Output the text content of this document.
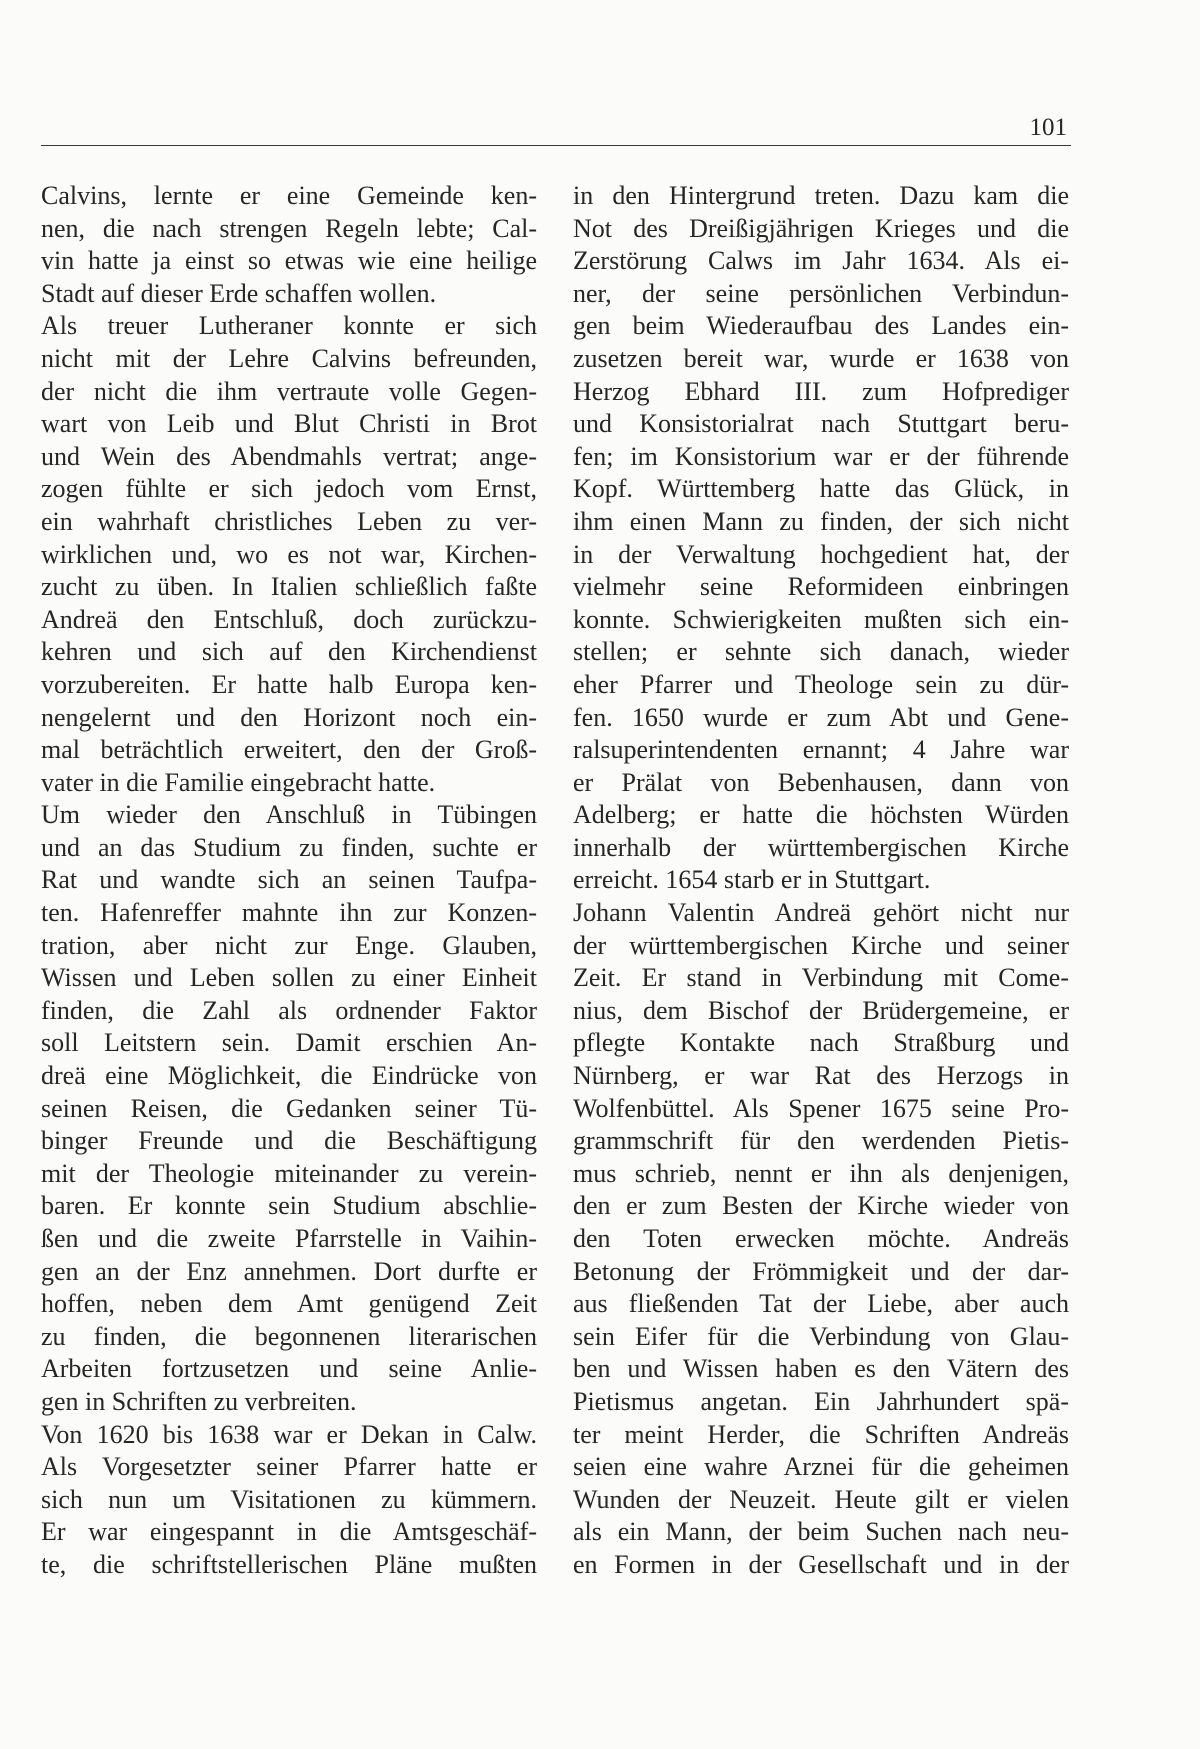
101
Calvins, lernte er eine Gemeinde ken-
nen, die nach strengen Regeln lebte; Cal-
vin hatte ja einst so etwas wie eine heilige
Stadt auf dieser Erde schaffen wollen.
Als treuer Lutheraner konnte er sich
nicht mit der Lehre Calvins befreunden,
der nicht die ihm vertraute volle Gegen-
wart von Leib und Blut Christi in Brot
und Wein des Abendmahls vertrat; ange-
zogen fühlte er sich jedoch vom Ernst,
ein wahrhaft christliches Leben zu ver-
wirklichen und, wo es not war, Kirchen-
zucht zu üben. In Italien schließlich faßte
Andreä den Entschluß, doch zurückzu-
kehren und sich auf den Kirchendienst
vorzubereiten. Er hatte halb Europa ken-
nengelernt und den Horizont noch ein-
mal beträchtlich erweitert, den der Groß-
vater in die Familie eingebracht hatte.
Um wieder den Anschluß in Tübingen
und an das Studium zu finden, suchte er
Rat und wandte sich an seinen Taufpa-
ten. Hafenreffer mahnte ihn zur Konzen-
tration, aber nicht zur Enge. Glauben,
Wissen und Leben sollen zu einer Einheit
finden, die Zahl als ordnender Faktor
soll Leitstern sein. Damit erschien An-
dreä eine Möglichkeit, die Eindrücke von
seinen Reisen, die Gedanken seiner Tü-
binger Freunde und die Beschäftigung
mit der Theologie miteinander zu verein-
baren. Er konnte sein Studium abschlie-
ßen und die zweite Pfarrstelle in Vaihin-
gen an der Enz annehmen. Dort durfte er
hoffen, neben dem Amt genügend Zeit
zu finden, die begonnenen literarischen
Arbeiten fortzusetzen und seine Anlie-
gen in Schriften zu verbreiten.
Von 1620 bis 1638 war er Dekan in Calw.
Als Vorgesetzter seiner Pfarrer hatte er
sich nun um Visitationen zu kümmern.
Er war eingespannt in die Amtsgeschäf-
te, die schriftstellerischen Pläne mußten
in den Hintergrund treten. Dazu kam die
Not des Dreißigjährigen Krieges und die
Zerstörung Calws im Jahr 1634. Als ei-
ner, der seine persönlichen Verbindun-
gen beim Wiederaufbau des Landes ein-
zusetzen bereit war, wurde er 1638 von
Herzog Ebhard III. zum Hofprediger
und Konsistorialrat nach Stuttgart beru-
fen; im Konsistorium war er der führende
Kopf. Württemberg hatte das Glück, in
ihm einen Mann zu finden, der sich nicht
in der Verwaltung hochgedient hat, der
vielmehr seine Reformideen einbringen
konnte. Schwierigkeiten mußten sich ein-
stellen; er sehnte sich danach, wieder
eher Pfarrer und Theologe sein zu dür-
fen. 1650 wurde er zum Abt und Gene-
ralsuperintendenten ernannt; 4 Jahre war
er Prälat von Bebenhausen, dann von
Adelberg; er hatte die höchsten Würden
innerhalb der württembergischen Kirche
erreicht. 1654 starb er in Stuttgart.
Johann Valentin Andreä gehört nicht nur
der württembergischen Kirche und seiner
Zeit. Er stand in Verbindung mit Come-
nius, dem Bischof der Brüdergemeine, er
pflegte Kontakte nach Straßburg und
Nürnberg, er war Rat des Herzogs in
Wolfenbüttel. Als Spener 1675 seine Pro-
grammschrift für den werdenden Pietis-
mus schrieb, nennt er ihn als denjenigen,
den er zum Besten der Kirche wieder von
den Toten erwecken möchte. Andreäs
Betonung der Frömmigkeit und der dar-
aus fließenden Tat der Liebe, aber auch
sein Eifer für die Verbindung von Glau-
ben und Wissen haben es den Vätern des
Pietismus angetan. Ein Jahrhundert spä-
ter meint Herder, die Schriften Andreäs
seien eine wahre Arznei für die geheimen
Wunden der Neuzeit. Heute gilt er vielen
als ein Mann, der beim Suchen nach neu-
en Formen in der Gesellschaft und in der
